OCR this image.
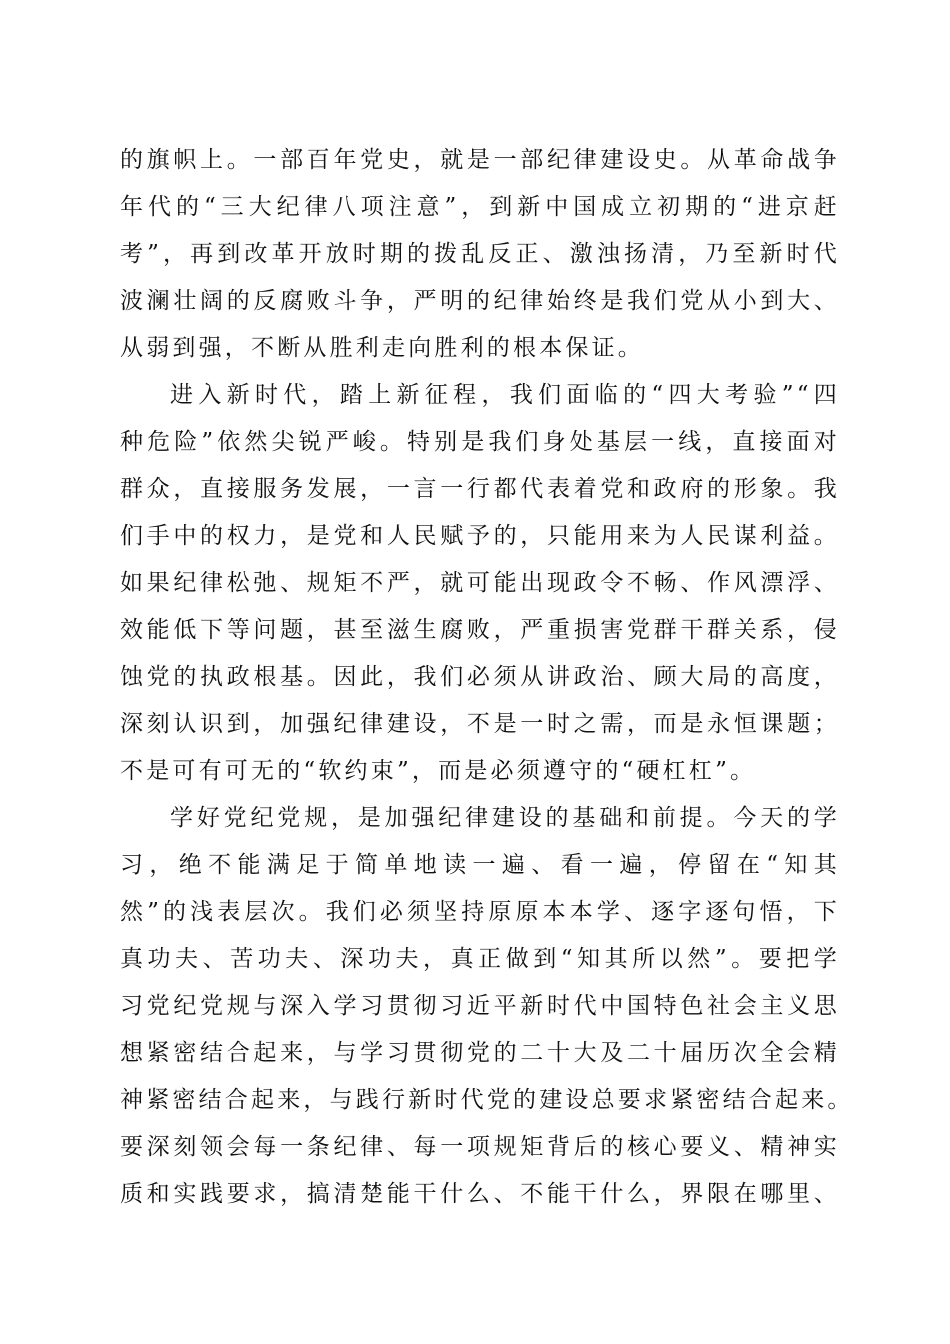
的旗帜上。一部百年党史，就是一部纪律建设史。从革命战争
年代的“三大纪律八项注意”，到新中国成立初期的“进京赶
考”，再到改革开放时期的拨乱反正、激浊扬清，乃至新时代
波澜壮阔的反腐败斗争，严明的纪律始终是我们党从小到大、
从弱到强，不断从胜利走向胜利的根本保证。
进入新时代，踏上新征程，我们面临的“四大考验”“四
种危险”依然尖锐严峻。特别是我们身处基层一线，直接面对
群众，直接服务发展，一言一行都代表着党和政府的形象。我
们手中的权力，是党和人民赋予的，只能用来为人民谋利益。
如果纪律松弛、规矩不严，就可能出现政令不畅、作风漂浮、
效能低下等问题，甚至滋生腐败，严重损害党群干群关系，侵
蚀党的执政根基。因此，我们必须从讲政治、顾大局的高度，
深刻认识到，加强纪律建设，不是一时之需，而是永恒课题；
不是可有可无的“软约束”，而是必须遵守的“硬杠杠”。
学好党纪党规，是加强纪律建设的基础和前提。今天的学
习，绝不能满足于简单地读一遍、看一遍，停留在“知其
然”的浅表层次。我们必须坚持原原本本学、逐字逐句悟，下
真功夫、苦功夫、深功夫，真正做到“知其所以然”。要把学
习党纪党规与深入学习贯彻习近平新时代中国特色社会主义思
想紧密结合起来，与学习贯彻党的二十大及二十届历次全会精
神紧密结合起来，与践行新时代党的建设总要求紧密结合起来。
要深刻领会每一条纪律、每一项规矩背后的核心要义、精神实
质和实践要求，搞清楚能干什么、不能干什么，界限在哪里、
